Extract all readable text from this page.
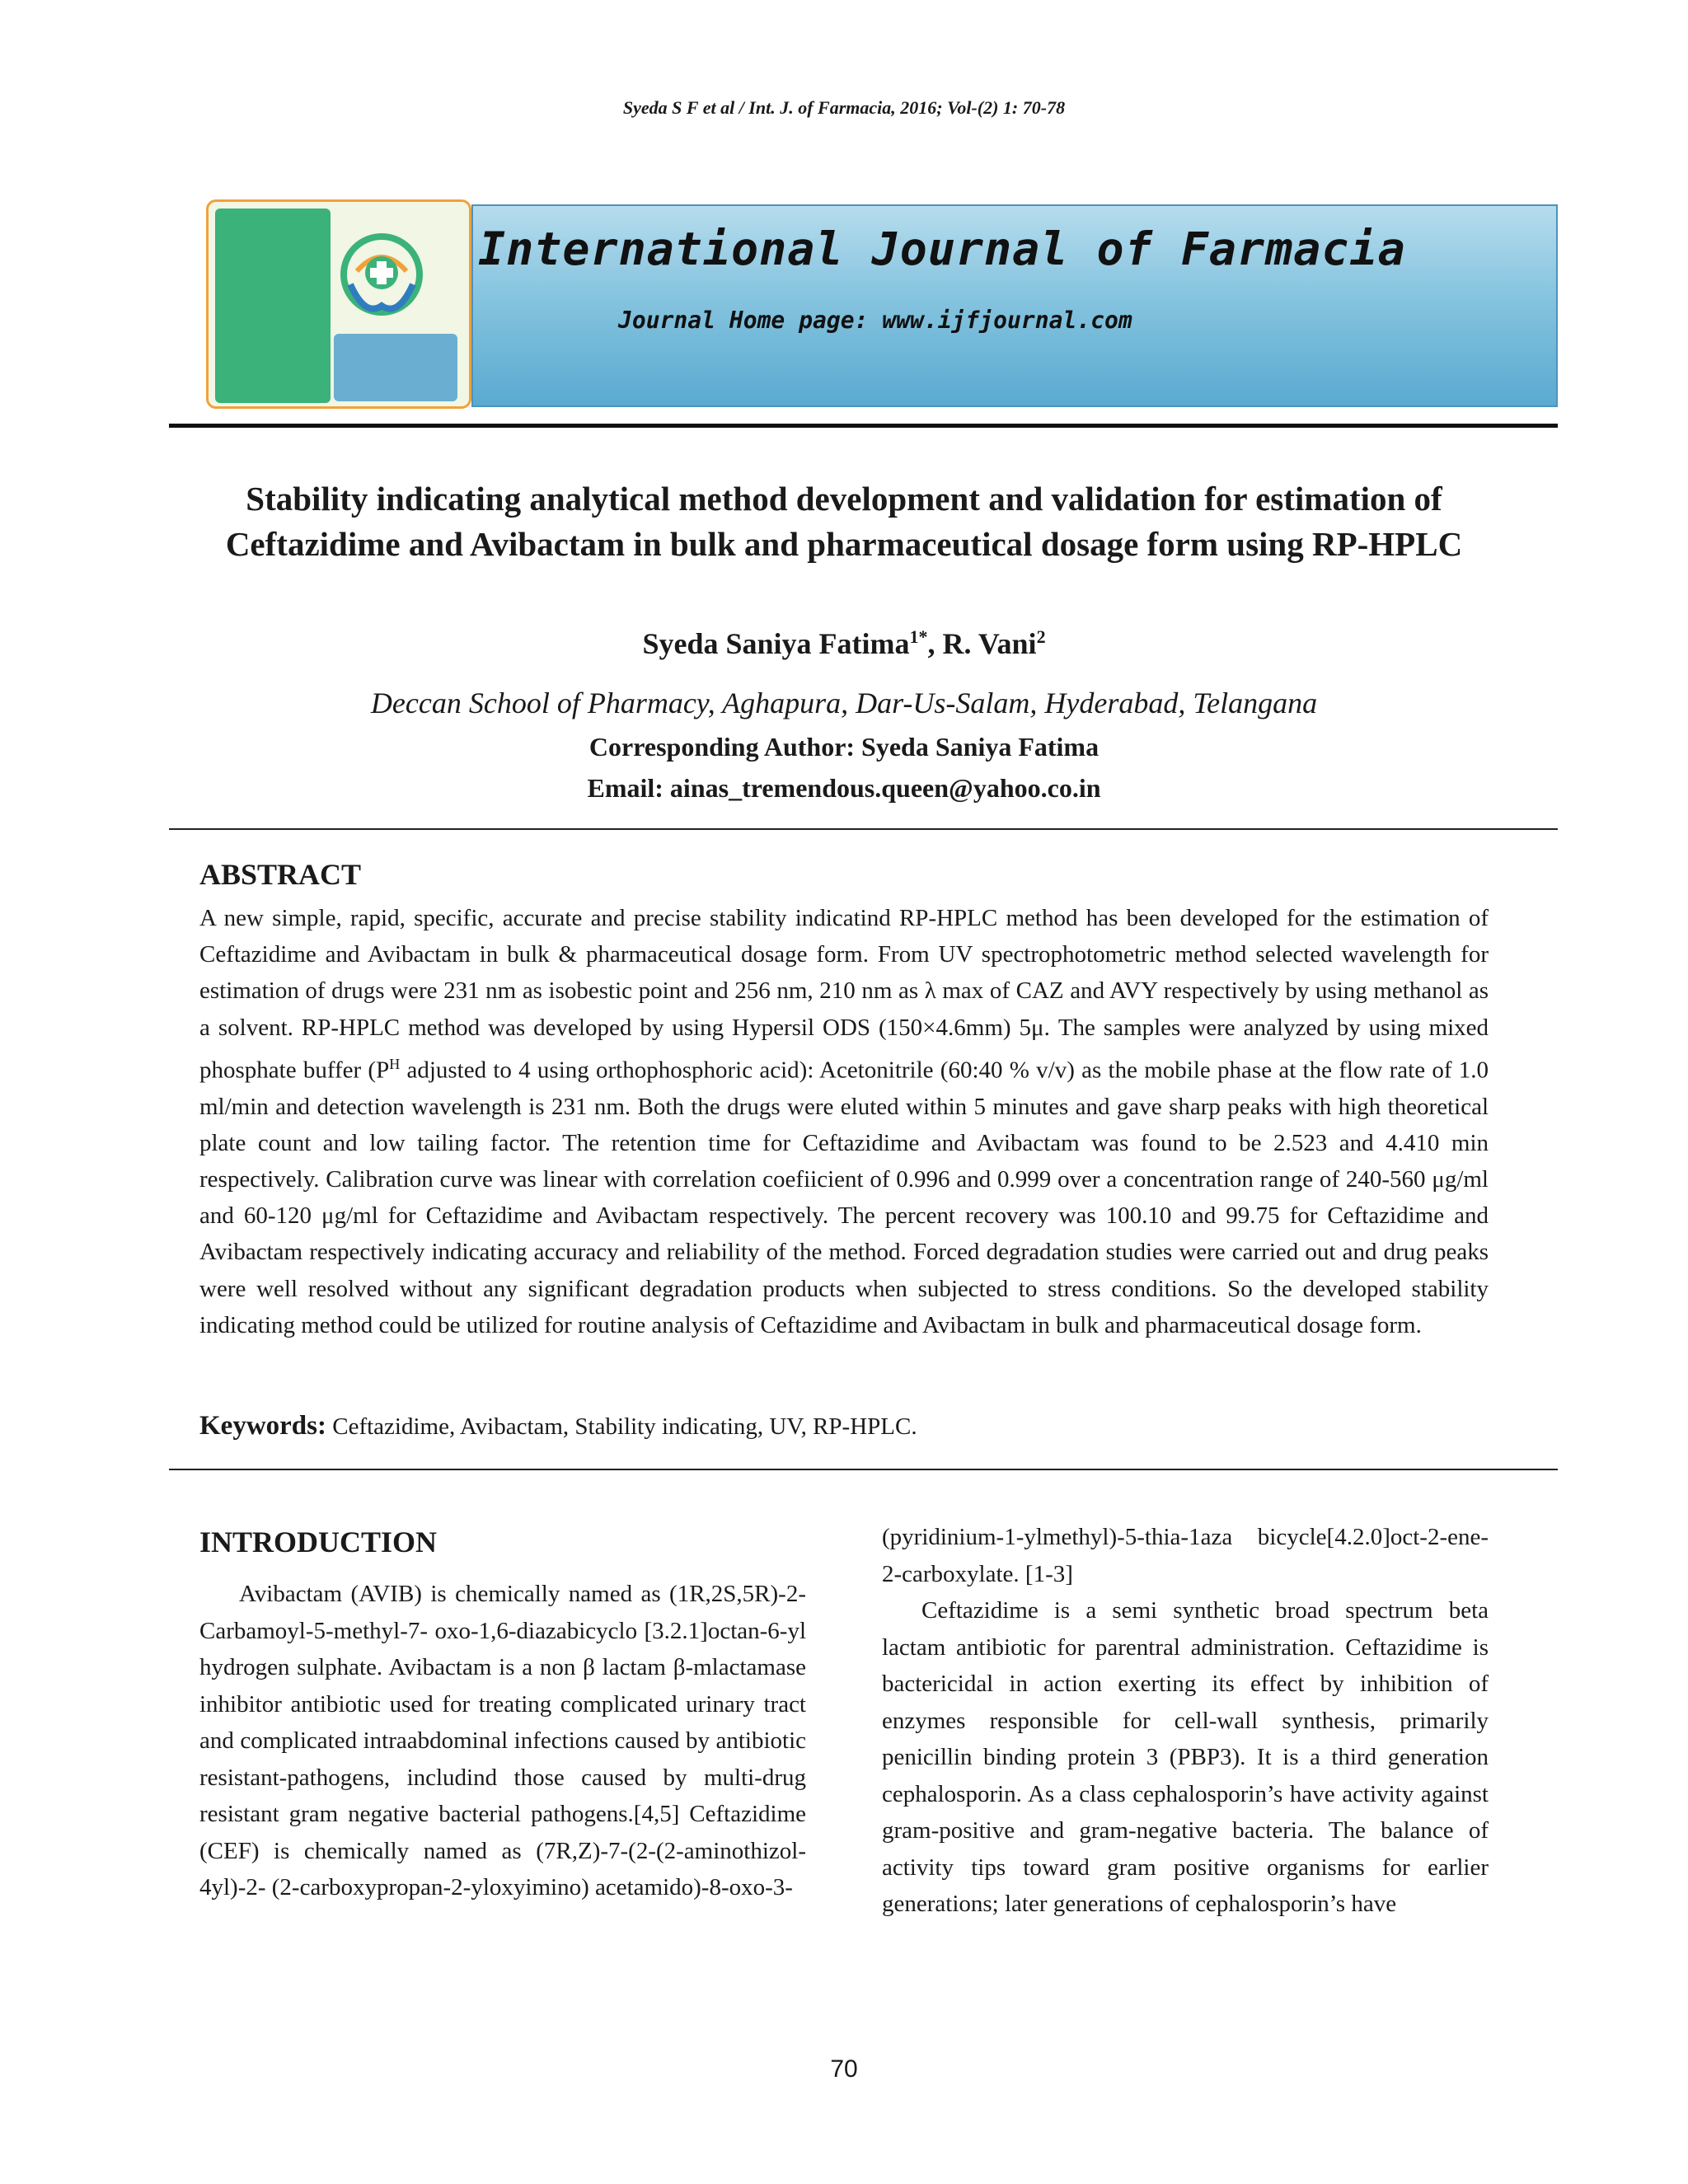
Syeda S F et al / Int. J. of Farmacia, 2016; Vol-(2) 1: 70-78
International Journal of Farmacia
Journal Home page: www.ijfjournal.com
Stability indicating analytical method development and validation for estimation of Ceftazidime and Avibactam in bulk and pharmaceutical dosage form using RP-HPLC
Syeda Saniya Fatima$^{1*}$, R. Vani$^2$
Deccan School of Pharmacy, Aghapura, Dar-Us-Salam, Hyderabad, Telangana
Corresponding Author: Syeda Saniya Fatima
Email: ainas_tremendous.queen@yahoo.co.in
ABSTRACT
A new simple, rapid, specific, accurate and precise stability indicatind RP-HPLC method has been developed for the estimation of Ceftazidime and Avibactam in bulk & pharmaceutical dosage form. From UV spectrophotometric method selected wavelength for estimation of drugs were 231 nm as isobestic point and 256 nm, 210 nm as λ max of CAZ and AVY respectively by using methanol as a solvent. RP-HPLC method was developed by using Hypersil ODS (150×4.6mm) 5μ. The samples were analyzed by using mixed phosphate buffer ($P^H$ adjusted to 4 using orthophosphoric acid): Acetonitrile (60:40 % v/v) as the mobile phase at the flow rate of 1.0 ml/min and detection wavelength is 231 nm. Both the drugs were eluted within 5 minutes and gave sharp peaks with high theoretical plate count and low tailing factor. The retention time for Ceftazidime and Avibactam was found to be 2.523 and 4.410 min respectively. Calibration curve was linear with correlation coefiicient of 0.996 and 0.999 over a concentration range of 240-560 μg/ml and 60-120 μg/ml for Ceftazidime and Avibactam respectively. The percent recovery was 100.10 and 99.75 for Ceftazidime and Avibactam respectively indicating accuracy and reliability of the method. Forced degradation studies were carried out and drug peaks were well resolved without any significant degradation products when subjected to stress conditions. So the developed stability indicating method could be utilized for routine analysis of Ceftazidime and Avibactam in bulk and pharmaceutical dosage form.
Keywords: Ceftazidime, Avibactam, Stability indicating, UV, RP-HPLC.
INTRODUCTION

Avibactam (AVIB) is chemically named as (1R,2S,5R)-2-Carbamoyl-5-methyl-7- oxo-1,6-diazabicyclo [3.2.1]octan-6-yl hydrogen sulphate. Avibactam is a non β lactam β-mlactamase inhibitor antibiotic used for treating complicated urinary tract and complicated intraabdominal infections caused by antibiotic resistant-pathogens, includind those caused by multi-drug resistant gram negative bacterial pathogens.[4,5] Ceftazidime (CEF) is chemically named as (7R,Z)-7-(2-(2-aminothizol-4yl)-2- (2-carboxypropan-2-yloxyimino) acetamido)-8-oxo-3-

(pyridinium-1-ylmethyl)-5-thia-1aza bicycle[4.2.0]oct-2-ene-2-carboxylate. [1-3]

Ceftazidime is a semi synthetic broad spectrum beta lactam antibiotic for parentral administration. Ceftazidime is bactericidal in action exerting its effect by inhibition of enzymes responsible for cell-wall synthesis, primarily penicillin binding protein 3 (PBP3). It is a third generation cephalosporin. As a class cephalosporin’s have activity against gram-positive and gram-negative bacteria. The balance of activity tips toward gram positive organisms for earlier generations; later generations of cephalosporin’s have

70
